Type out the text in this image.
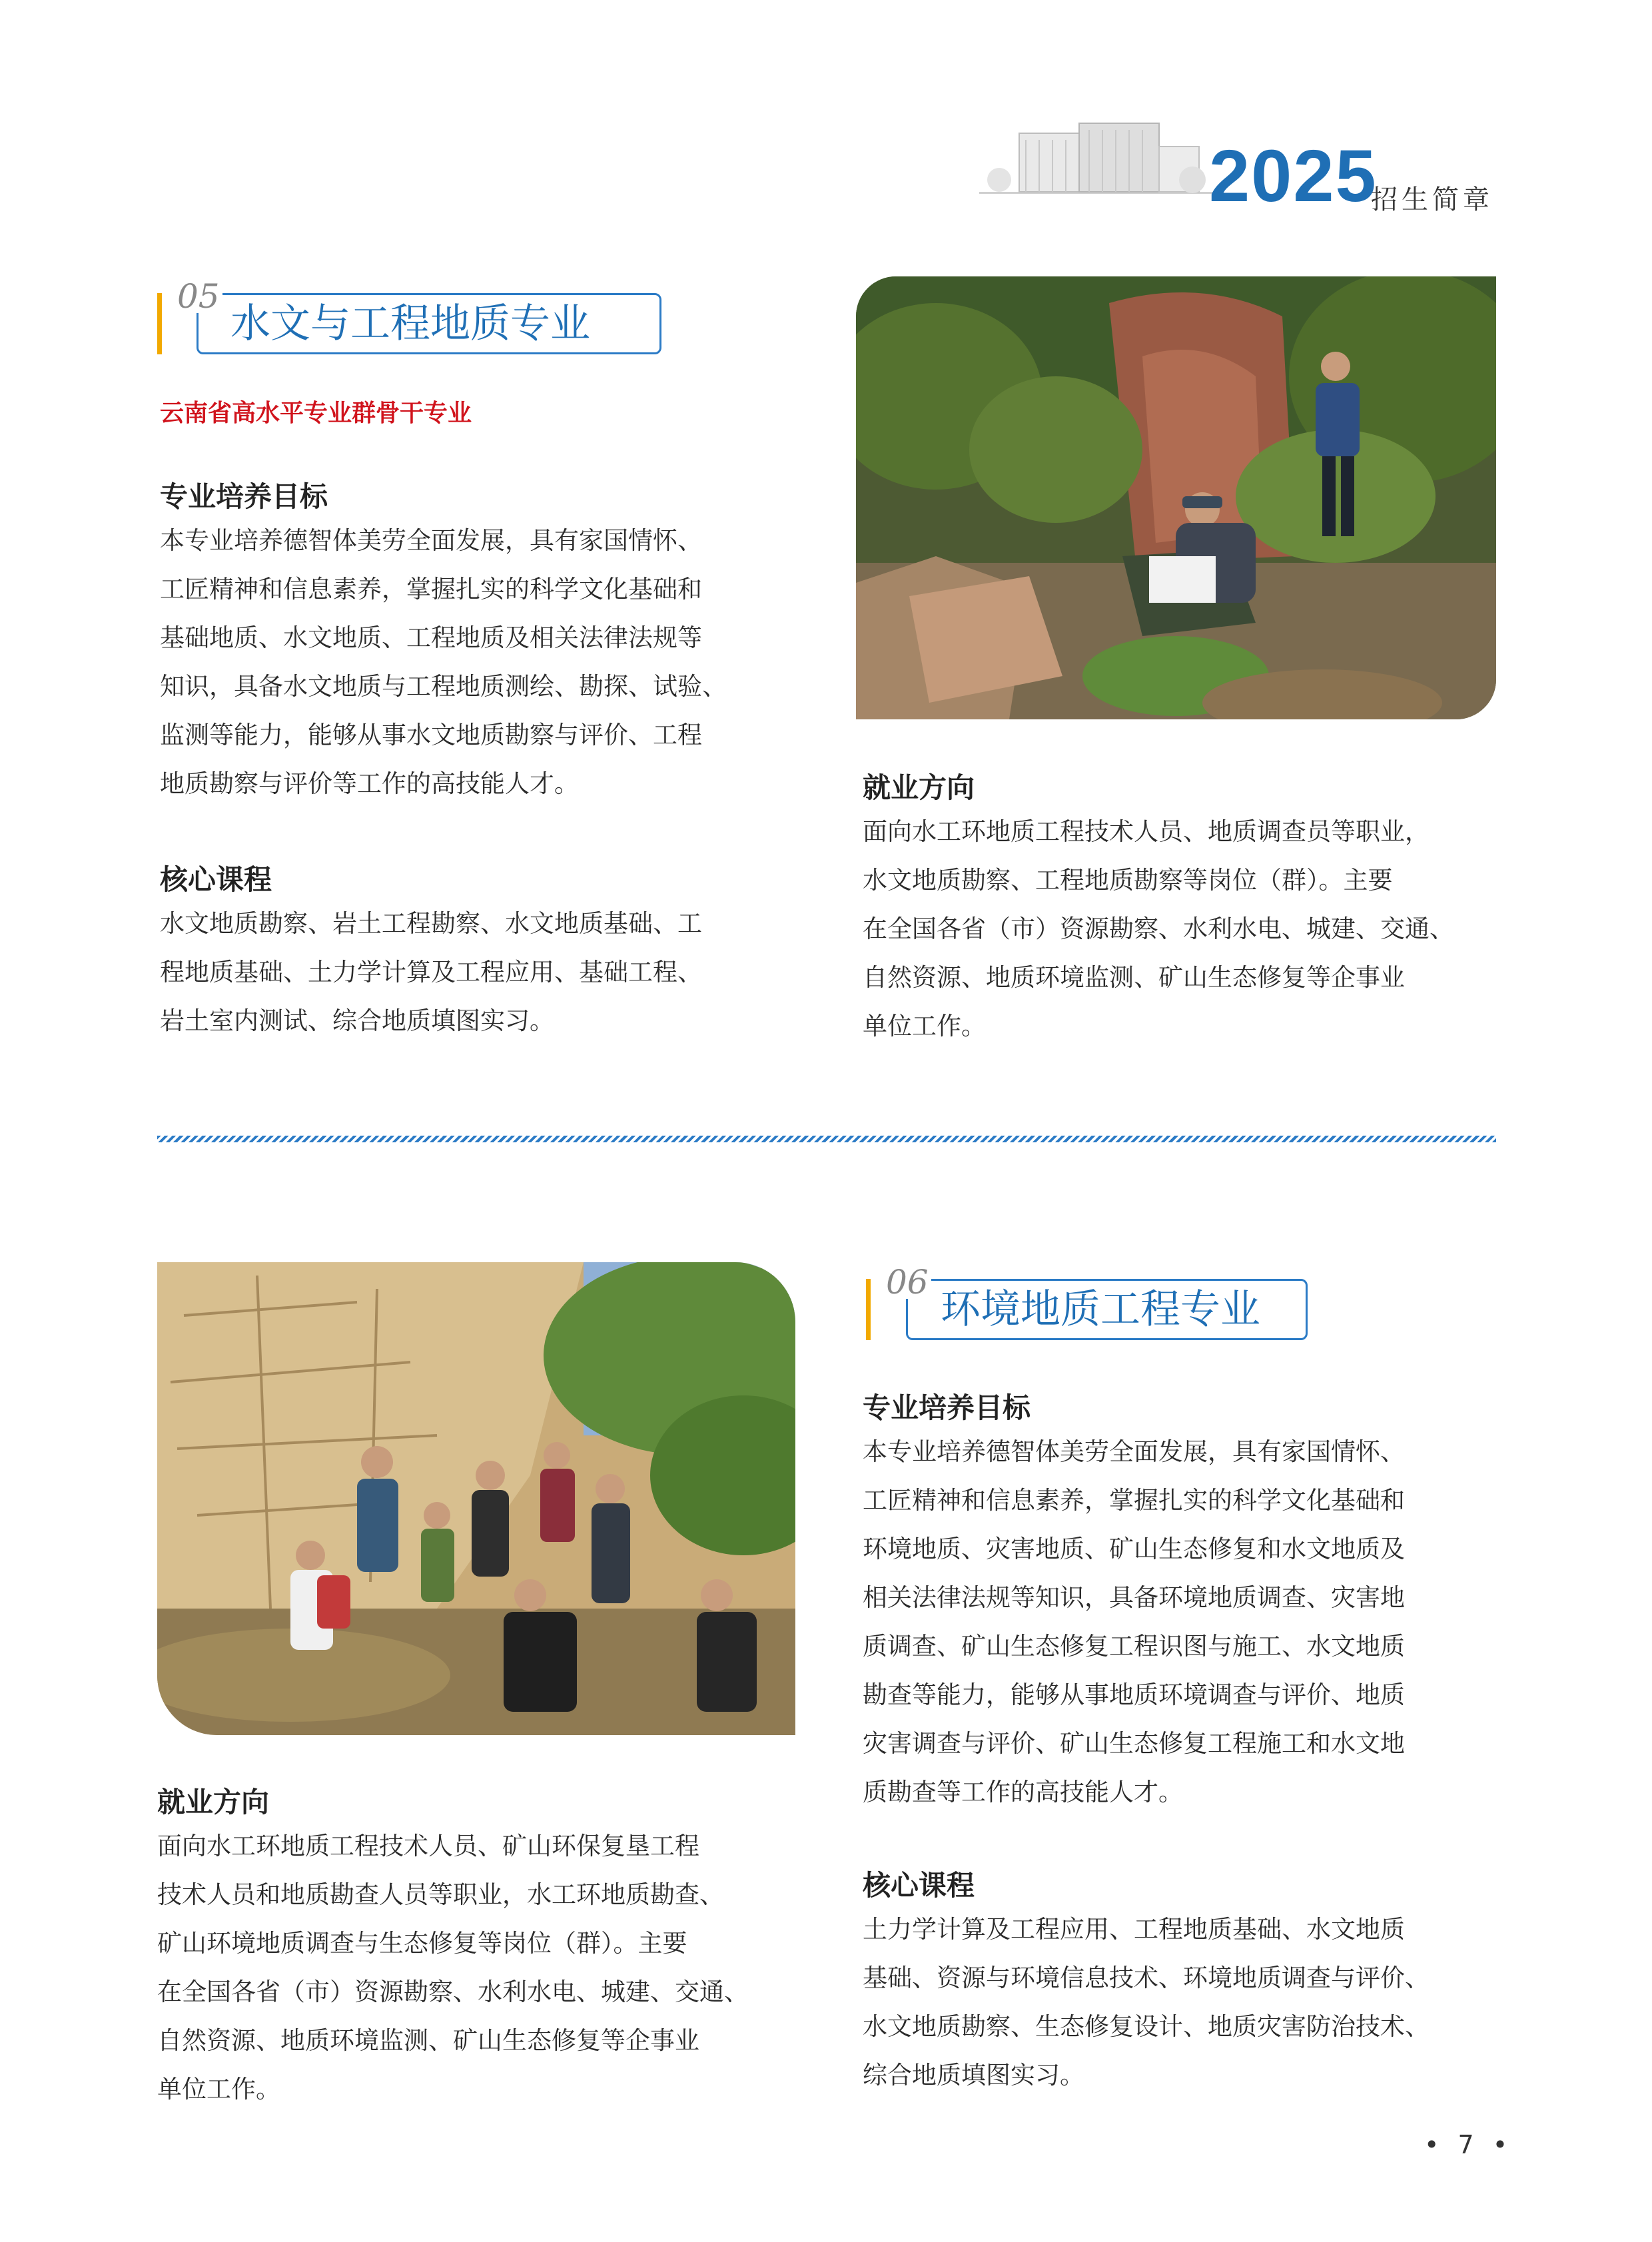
2025
招生简章
05
水文与工程地质专业
云南省高水平专业群骨干专业
专业培养目标
本专业培养德智体美劳全面发展，具有家国情怀、
工匠精神和信息素养，掌握扎实的科学文化基础和
基础地质、水文地质、工程地质及相关法律法规等
知识，具备水文地质与工程地质测绘、勘探、试验、
监测等能力，能够从事水文地质勘察与评价、工程
地质勘察与评价等工作的高技能人才。
核心课程
水文地质勘察、岩土工程勘察、水文地质基础、工
程地质基础、土力学计算及工程应用、基础工程、
岩土室内测试、综合地质填图实习。
就业方向
面向水工环地质工程技术人员、地质调查员等职业，
水文地质勘察、工程地质勘察等岗位（群）。主要
在全国各省（市）资源勘察、水利水电、城建、交通、
自然资源、地质环境监测、矿山生态修复等企事业
单位工作。
06
环境地质工程专业
专业培养目标
本专业培养德智体美劳全面发展，具有家国情怀、
工匠精神和信息素养，掌握扎实的科学文化基础和
环境地质、灾害地质、矿山生态修复和水文地质及
相关法律法规等知识，具备环境地质调查、灾害地
质调查、矿山生态修复工程识图与施工、水文地质
勘查等能力，能够从事地质环境调查与评价、地质
灾害调查与评价、矿山生态修复工程施工和水文地
质勘查等工作的高技能人才。
核心课程
土力学计算及工程应用、工程地质基础、水文地质
基础、资源与环境信息技术、环境地质调查与评价、
水文地质勘察、生态修复设计、地质灾害防治技术、
综合地质填图实习。
就业方向
面向水工环地质工程技术人员、矿山环保复垦工程
技术人员和地质勘查人员等职业，水工环地质勘查、
矿山环境地质调查与生态修复等岗位（群）。主要
在全国各省（市）资源勘察、水利水电、城建、交通、
自然资源、地质环境监测、矿山生态修复等企事业
单位工作。
• 7 •
